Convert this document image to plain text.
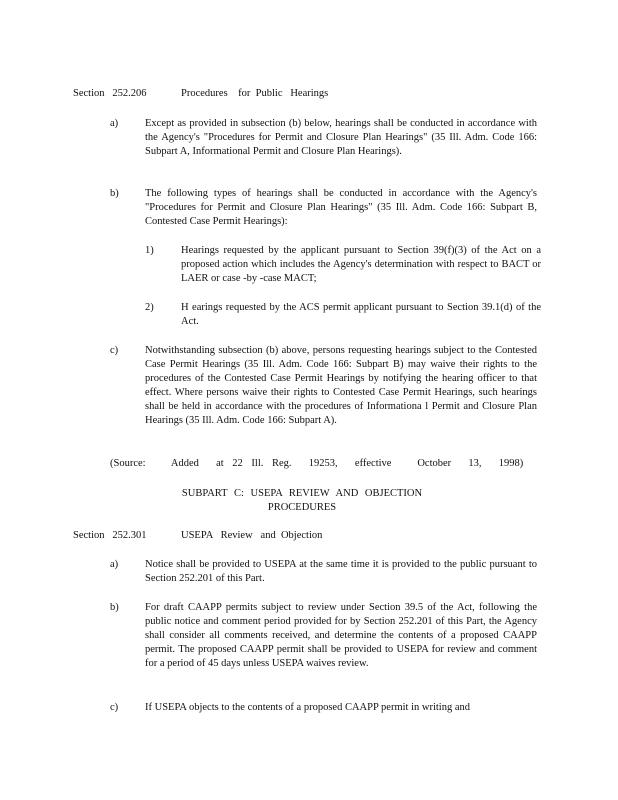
Section   252.206	Procedures    for  Public   Hearings
a)	Except as provided in subsection (b) below, hearings shall be conducted in accordance with the Agency's "Procedures for Permit and Closure Plan Hearings" (35 Ill. Adm. Code 166: Subpart A, Informational Permit and Closure Plan Hearings).
b)	The following types of hearings shall be conducted in accordance with the Agency's "Procedures for Permit and Closure Plan Hearings" (35 Ill. Adm. Code 166: Subpart B, Contested Case Permit Hearings):
1)	Hearings requested by the applicant pursuant to Section 39(f)(3) of the Act on a proposed action which includes the Agency's determination with respect to BACT or LAER or case -by -case MACT;
2)	H earings requested by the ACS permit applicant pursuant to Section 39.1(d) of the Act.
c)	Notwithstanding subsection (b) above, persons requesting hearings subject to the Contested Case Permit Hearings (35 Ill. Adm. Code 166: Subpart B) may waive their rights to the procedures of the Contested Case Permit Hearings by notifying the hearing officer to that effect. Where persons waive their rights to Contested Case Permit Hearings, such hearings shall be held in accordance with the procedures of Informationa l Permit and Closure Plan Hearings (35 Ill. Adm. Code 166: Subpart A).
(Source:   Added  at 22 Ill. Reg.  19253,  effective   October  13,  1998)
SUBPART C: USEPA REVIEW AND OBJECTION PROCEDURES
Section   252.301	USEPA   Review   and  Objection
a)	Notice shall be provided to USEPA at the same time it is provided to the public pursuant to Section 252.201 of this Part.
b)	For draft CAAPP permits subject to review under Section 39.5 of the Act, following the public notice and comment period provided for by Section 252.201 of this Part, the Agency shall consider all comments received, and determine the contents of a proposed CAAPP permit. The proposed CAAPP permit shall be provided to USEPA for review and comment for a period of 45 days unless USEPA waives review.
c)	If USEPA objects to the contents of a proposed CAAPP permit in writing and
